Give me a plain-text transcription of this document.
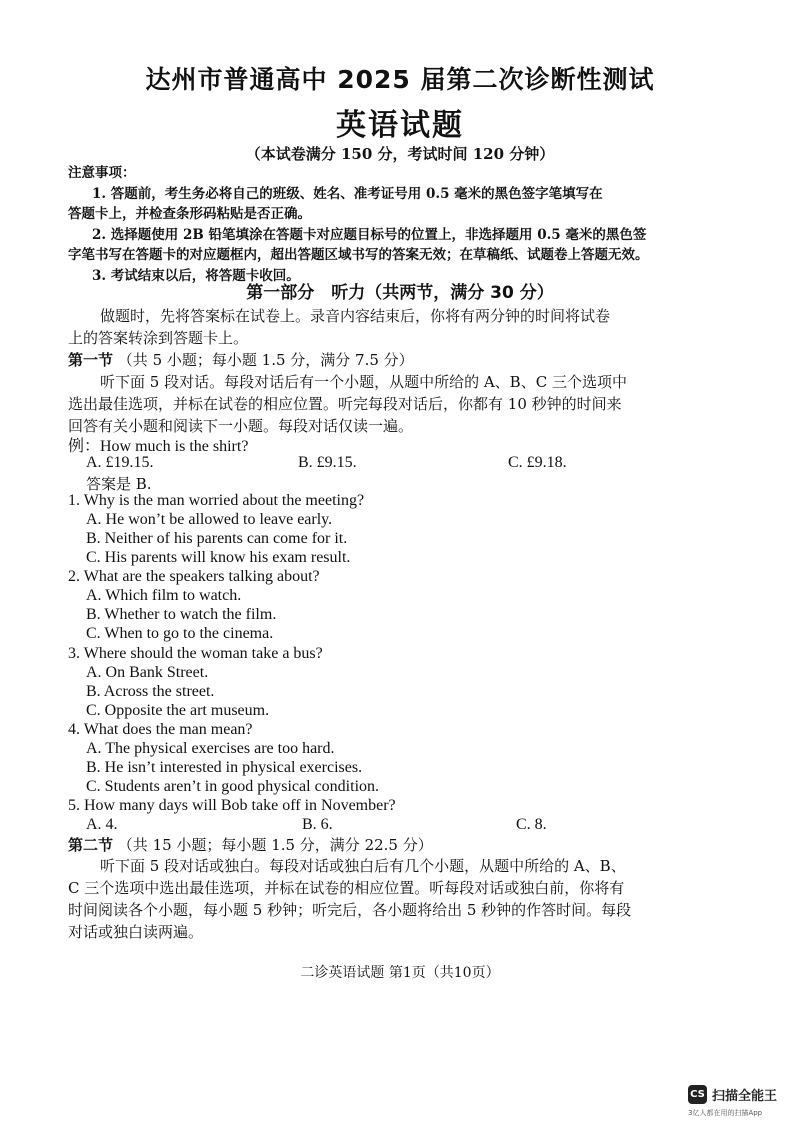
达州市普通高中 2025 届第二次诊断性测试
英语试题
（本试卷满分 150 分，考试时间 120 分钟）
注意事项：
1. 答题前，考生务必将自己的班级、姓名、准考证号用 0.5 毫米的黑色签字笔填写在
答题卡上，并检查条形码粘贴是否正确。
2. 选择题使用 2B 铅笔填涂在答题卡对应题目标号的位置上，非选择题用 0.5 毫米的黑色签
字笔书写在答题卡的对应题框内，超出答题区域书写的答案无效；在草稿纸、试题卷上答题无效。
3. 考试结束以后，将答题卡收回。
第一部分　听力（共两节，满分 30 分）
做题时，先将答案标在试卷上。录音内容结束后，你将有两分钟的时间将试卷
上的答案转涂到答题卡上。
第一节 （共 5 小题；每小题 1.5 分，满分 7.5 分）
听下面 5 段对话。每段对话后有一个小题，从题中所给的 A、B、C 三个选项中
选出最佳选项，并标在试卷的相应位置。听完每段对话后，你都有 10 秒钟的时间来
回答有关小题和阅读下一小题。每段对话仅读一遍。
例：How much is the shirt?
A. £19.15.	B. £9.15.	C. £9.18.
答案是 B.
1. Why is the man worried about the meeting?
A. He won’t be allowed to leave early.
B. Neither of his parents can come for it.
C. His parents will know his exam result.
2. What are the speakers talking about?
A. Which film to watch.
B. Whether to watch the film.
C. When to go to the cinema.
3. Where should the woman take a bus?
A. On Bank Street.
B. Across the street.
C. Opposite the art museum.
4. What does the man mean?
A. The physical exercises are too hard.
B. He isn’t interested in physical exercises.
C. Students aren’t in good physical condition.
5. How many days will Bob take off in November?
A. 4.	B. 6.	C. 8.
第二节 （共 15 小题；每小题 1.5 分，满分 22.5 分）
听下面 5 段对话或独白。每段对话或独白后有几个小题，从题中所给的 A、B、
C 三个选项中选出最佳选项，并标在试卷的相应位置。听每段对话或独白前，你将有
时间阅读各个小题，每小题 5 秒钟；听完后，各小题将给出 5 秒钟的作答时间。每段
对话或独白读两遍。
二诊英语试题 第1页（共10页）
CS 扫描全能王
3亿人都在用的扫描App
